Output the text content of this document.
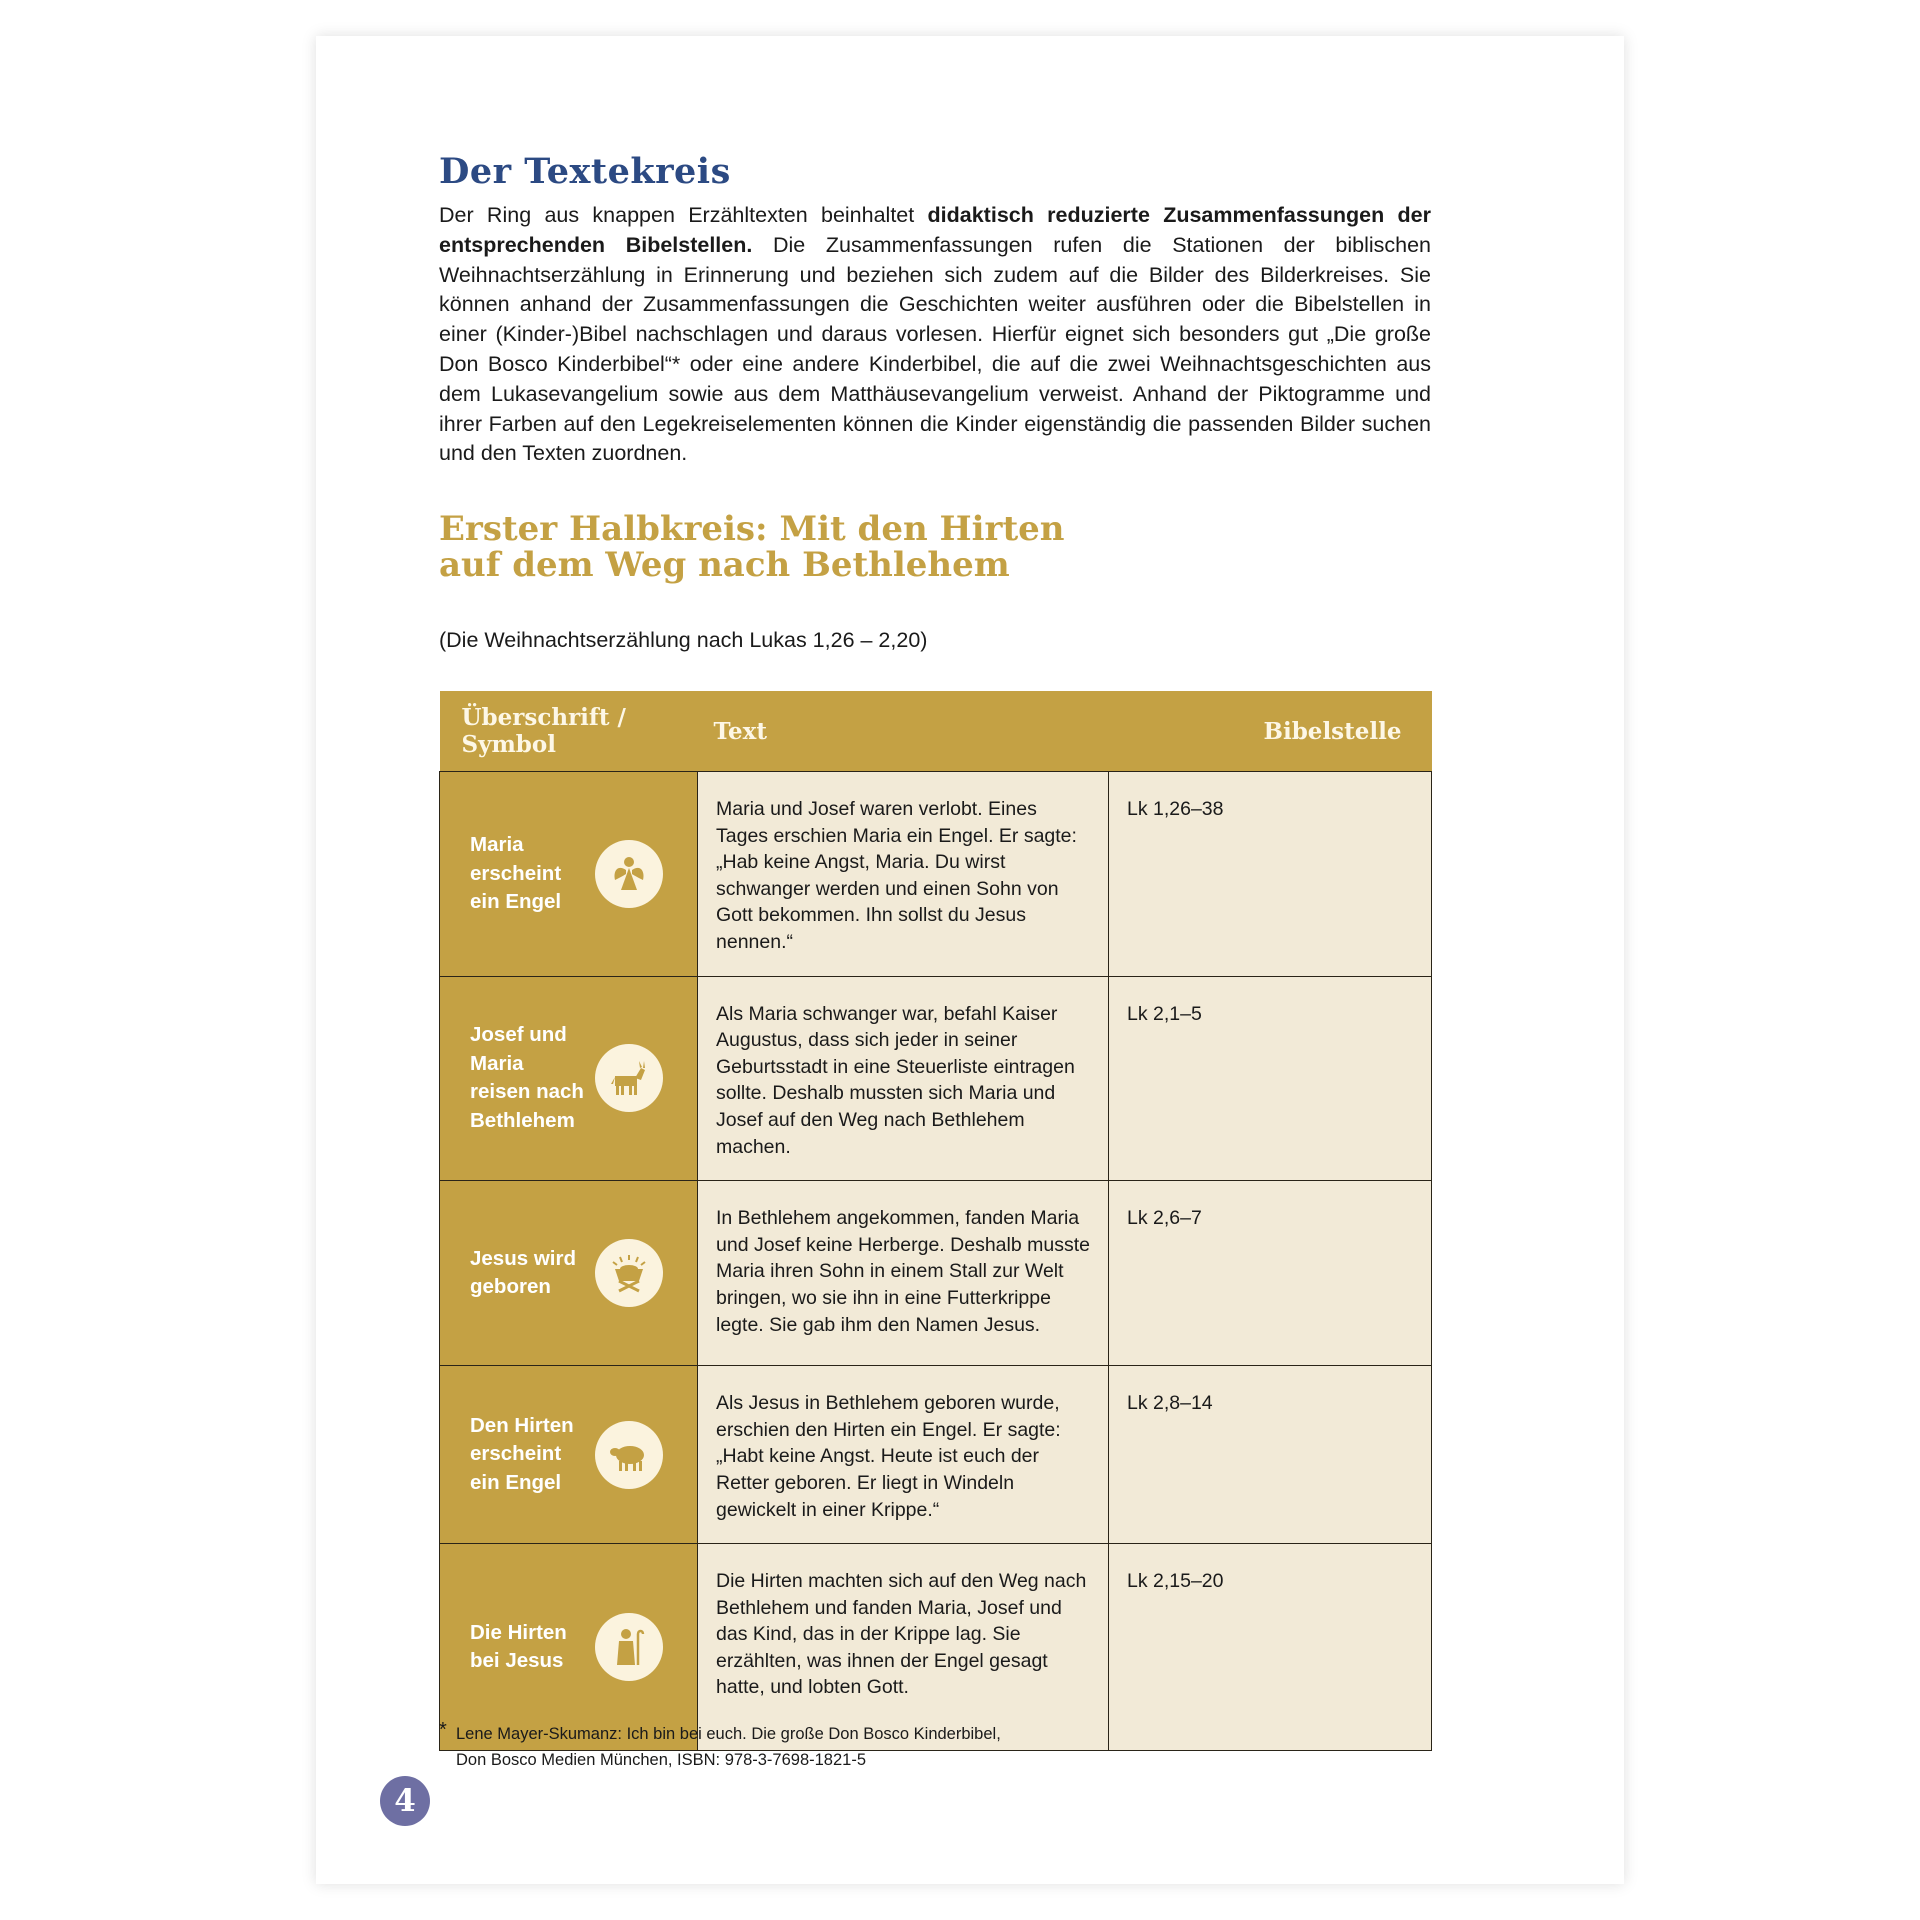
Der Textekreis

Der Ring aus knappen Erzähltexten beinhaltet didaktisch reduzierte Zusammenfassungen der entsprechenden Bibelstellen. Die Zusammenfassungen rufen die Stationen der biblischen Weihnachtserzählung in Erinnerung und beziehen sich zudem auf die Bilder des Bilderkreises. Sie können anhand der Zusammenfassungen die Geschichten weiter ausführen oder die Bibelstellen in einer (Kinder-)Bibel nachschlagen und daraus vorlesen. Hierfür eignet sich besonders gut „Die große Don Bosco Kinderbibel“* oder eine andere Kinderbibel, die auf die zwei Weihnachtsgeschichten aus dem Lukasevangelium sowie aus dem Matthäusevangelium verweist. Anhand der Piktogramme und ihrer Farben auf den Legekreiselementen können die Kinder eigenständig die passenden Bilder suchen und den Texten zuordnen.

Erster Halbkreis: Mit den Hirten
auf dem Weg nach Bethlehem

(Die Weihnachtserzählung nach Lukas 1,26 – 2,20)

Überschrift / Symbol	Text	Bibelstelle

Maria erscheint
ein Engel	Maria und Josef waren verlobt. Eines Tages erschien Maria ein Engel. Er sagte: „Hab keine Angst, Maria. Du wirst schwanger werden und einen Sohn von Gott bekommen. Ihn sollst du Jesus nennen.“	Lk 1,26–38

Josef und Maria
reisen nach
Bethlehem	Als Maria schwanger war, befahl Kaiser Augustus, dass sich jeder in seiner Geburtsstadt in eine Steuerliste eintragen sollte. Deshalb mussten sich Maria und Josef auf den Weg nach Bethlehem machen.	Lk 2,1–5

Jesus wird
geboren	In Bethlehem angekommen, fanden Maria und Josef keine Herberge. Deshalb musste Maria ihren Sohn in einem Stall zur Welt bringen, wo sie ihn in eine Futterkrippe legte. Sie gab ihm den Namen Jesus.	Lk 2,6–7

Den Hirten
erscheint
ein Engel	Als Jesus in Bethlehem geboren wurde, erschien den Hirten ein Engel. Er sagte: „Habt keine Angst. Heute ist euch der Retter geboren. Er liegt in Windeln gewickelt in einer Krippe.“	Lk 2,8–14

Die Hirten
bei Jesus	Die Hirten machten sich auf den Weg nach Bethlehem und fanden Maria, Josef und das Kind, das in der Krippe lag. Sie erzählten, was ihnen der Engel gesagt hatte, und lobten Gott.	Lk 2,15–20
* Lene Mayer-Skumanz: Ich bin bei euch. Die große Don Bosco Kinderbibel,
Don Bosco Medien München, ISBN: 978-3-7698-1821-5
4
